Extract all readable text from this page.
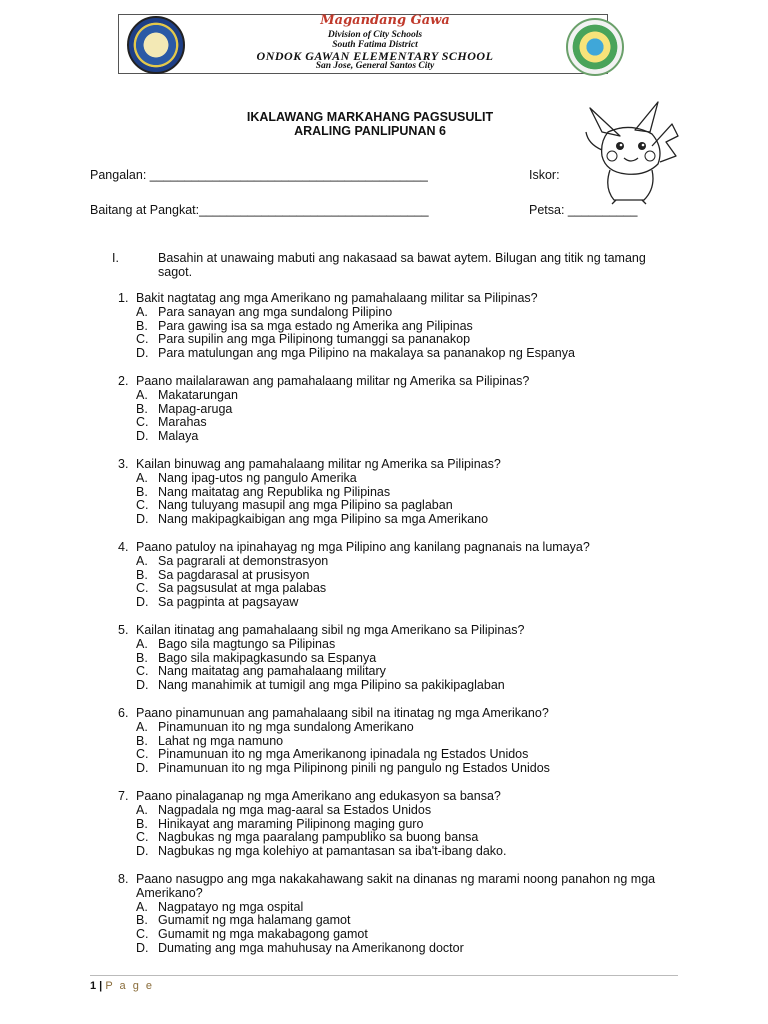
Magandang Gawa
Division of City Schools
South Fatima District
ONDOK GAWAN ELEMENTARY SCHOOL
San Jose, General Santos City
IKALAWANG MARKAHANG PAGSUSULIT
ARALING PANLIPUNAN 6
Pangalan: ________________________________________	Iskor:
Baitang at Pangkat:_________________________________	Petsa: __________
I.	Basahin at unawaing mabuti ang nakasaad sa bawat aytem. Bilugan ang titik ng tamang sagot.
1. Bakit nagtatag ang mga Amerikano ng pamahalaang militar sa Pilipinas?
A. Para sanayan ang mga sundalong Pilipino
B. Para gawing isa sa mga estado ng Amerika ang Pilipinas
C. Para supilin ang mga Pilipinong tumanggi sa pananakop
D. Para matulungan ang mga Pilipino na makalaya sa pananakop ng Espanya
2. Paano mailalarawan ang pamahalaang militar ng Amerika sa Pilipinas?
A. Makatarungan
B. Mapag-aruga
C. Marahas
D. Malaya
3. Kailan binuwag ang pamahalaang militar ng Amerika sa Pilipinas?
A. Nang ipag-utos ng pangulo Amerika
B. Nang maitatag ang Republika ng Pilipinas
C. Nang tuluyang masupil ang mga Pilipino sa paglaban
D. Nang makipagkaibigan ang mga Pilipino sa mga Amerikano
4. Paano patuloy na ipinahayag ng mga Pilipino ang kanilang pagnanais na lumaya?
A. Sa pagrarali at demonstrasyon
B. Sa pagdarasal at prusisyon
C. Sa pagsusulat at mga palabas
D. Sa pagpinta at pagsayaw
5. Kailan itinatag ang pamahalaang sibil ng mga Amerikano sa Pilipinas?
A. Bago sila magtungo sa Pilipinas
B. Bago sila makipagkasundo sa Espanya
C. Nang maitatag ang pamahalaang military
D. Nang manahimik at tumigil ang mga Pilipino sa pakikipaglaban
6. Paano pinamunuan ang pamahalaang sibil na itinatag ng mga Amerikano?
A. Pinamunuan ito ng mga sundalong Amerikano
B. Lahat ng mga namuno
C. Pinamunuan ito ng mga Amerikanong ipinadala ng Estados Unidos
D. Pinamunuan ito ng mga Pilipinong pinili ng pangulo ng Estados Unidos
7. Paano pinalaganap ng mga Amerikano ang edukasyon sa bansa?
A. Nagpadala ng mga mag-aaral sa Estados Unidos
B. Hinikayat ang maraming Pilipinong maging guro
C. Nagbukas ng mga paaralang pampubliko sa buong bansa
D. Nagbukas ng mga kolehiyo at pamantasan sa iba't-ibang dako.
8. Paano nasugpo ang mga nakakahawang sakit na dinanas ng marami noong panahon ng mga Amerikano?
A. Nagpatayo ng mga ospital
B. Gumamit ng mga halamang gamot
C. Gumamit ng mga makabagong gamot
D. Dumating ang mga mahuhusay na Amerikanong doctor
1 | P a g e
